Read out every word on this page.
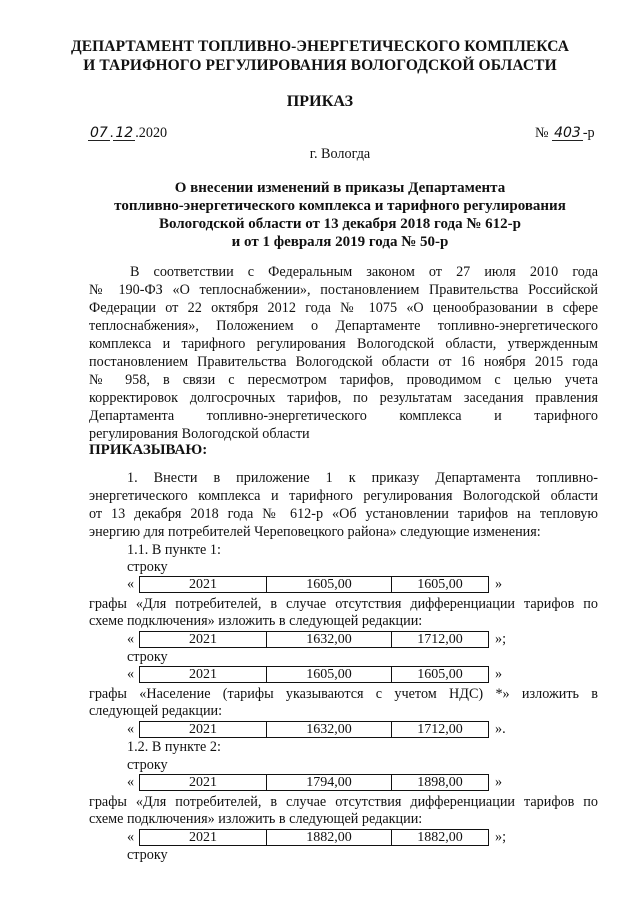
ДЕПАРТАМЕНТ ТОПЛИВНО-ЭНЕРГЕТИЧЕСКОГО КОМПЛЕКСА
И ТАРИФНОГО РЕГУЛИРОВАНИЯ ВОЛОГОДСКОЙ ОБЛАСТИ
ПРИКАЗ
07 . 12 .2020	№ 403 -р
г. Вологда
О внесении изменений в приказы Департамента
топливно-энергетического комплекса и тарифного регулирования
Вологодской области от 13 декабря 2018 года № 612-р
и от 1 февраля 2019 года № 50-р
В соответствии с Федеральным законом от 27 июля 2010 года
№ 190-ФЗ «О теплоснабжении», постановлением Правительства Российской
Федерации от 22 октября 2012 года № 1075 «О ценообразовании в сфере
теплоснабжения», Положением о Департаменте топливно-энергетического
комплекса и тарифного регулирования Вологодской области, утвержденным
постановлением Правительства Вологодской области от 16 ноября 2015 года
№ 958, в связи с пересмотром тарифов, проводимом с целью учета
корректировок долгосрочных тарифов, по результатам заседания правления
Департамента топливно-энергетического комплекса и тарифного
регулирования Вологодской области
ПРИКАЗЫВАЮ:
1. Внести в приложение 1 к приказу Департамента топливно-
энергетического комплекса и тарифного регулирования Вологодской области
от 13 декабря 2018 года № 612-р «Об установлении тарифов на тепловую
энергию для потребителей Череповецкого района» следующие изменения:
1.1. В пункте 1:
строку
«	2021	1605,00	1605,00	»
графы «Для потребителей, в случае отсутствия дифференциации тарифов по
схеме подключения» изложить в следующей редакции:
«	2021	1632,00	1712,00	»;
строку
«	2021	1605,00	1605,00	»
графы «Население (тарифы указываются с учетом НДС) *» изложить в
следующей редакции:
«	2021	1632,00	1712,00	».
1.2. В пункте 2:
строку
«	2021	1794,00	1898,00	»
графы «Для потребителей, в случае отсутствия дифференциации тарифов по
схеме подключения» изложить в следующей редакции:
«	2021	1882,00	1882,00	»;
строку
